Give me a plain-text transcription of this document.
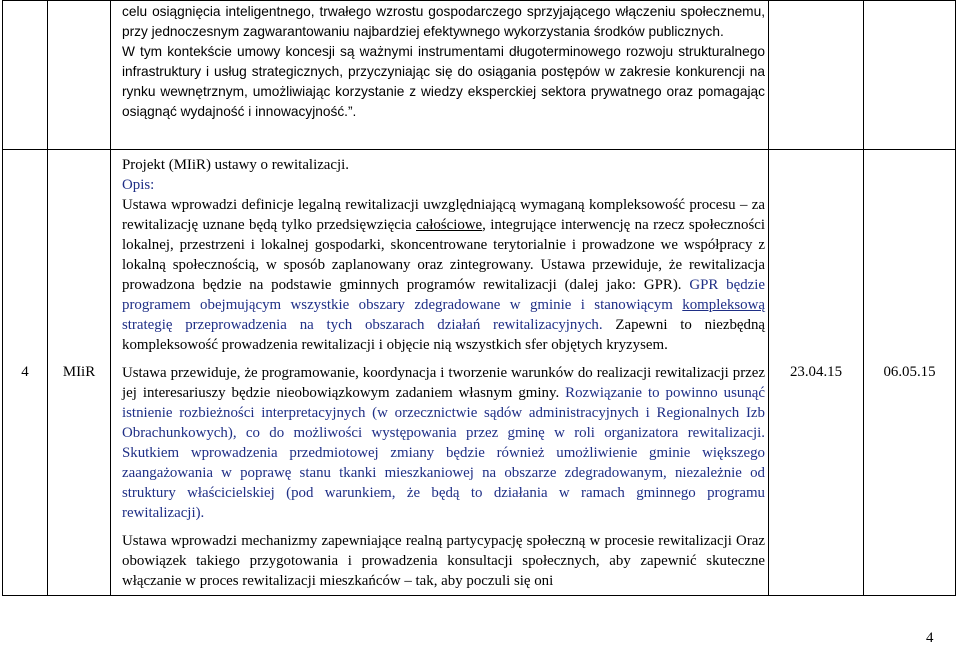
		celu osiągnięcia inteligentnego, trwałego wzrostu gospodarczego sprzyjającego włączeniu społecznemu, przy jednoczesnym zagwarantowaniu najbardziej efektywnego wykorzystania środków publicznych.

W tym kontekście umowy koncesji są ważnymi instrumentami długoterminowego rozwoju strukturalnego infrastruktury i usług strategicznych, przyczyniając się do osiągania postępów w zakresie konkurencji na rynku wewnętrznym, umożliwiając korzystanie z wiedzy eksperckiej sektora prywatnego oraz pomagając osiągnąć wydajność i innowacyjność.”.		

4	MIiR	Projekt (MIiR) ustawy o rewitalizacji.

Opis:

Ustawa wprowadzi definicje legalną rewitalizacji uwzględniającą wymaganą kompleksowość procesu – za rewitalizację uznane będą tylko przedsięwzięcia całościowe, integrujące interwencję na rzecz społeczności lokalnej, przestrzeni i lokalnej gospodarki, skoncentrowane terytorialnie i prowadzone we współpracy z lokalną społecznością, w sposób zaplanowany oraz zintegrowany. Ustawa przewiduje, że rewitalizacja prowadzona będzie na podstawie gminnych programów rewitalizacji (dalej jako: GPR). GPR będzie programem obejmującym wszystkie obszary zdegradowane w gminie i stanowiącym kompleksową strategię przeprowadzenia na tych obszarach działań rewitalizacyjnych. Zapewni to niezbędną kompleksowość prowadzenia rewitalizacji i objęcie nią wszystkich sfer objętych kryzysem.

Ustawa przewiduje, że programowanie, koordynacja i tworzenie warunków do realizacji rewitalizacji przez jej interesariuszy będzie nieobowiązkowym zadaniem własnym gminy. Rozwiązanie to powinno usunąć istnienie rozbieżności interpretacyjnych (w orzecznictwie sądów administracyjnych i Regionalnych Izb Obrachunkowych), co do możliwości występowania przez gminę w roli organizatora rewitalizacji. Skutkiem wprowadzenia przedmiotowej zmiany będzie również umożliwienie gminie większego zaangażowania w poprawę stanu tkanki mieszkaniowej na obszarze zdegradowanym, niezależnie od struktury właścicielskiej (pod warunkiem, że będą to działania w ramach gminnego programu rewitalizacji).

Ustawa wprowadzi mechanizmy zapewniające realną partycypację społeczną w procesie rewitalizacji Oraz obowiązek takiego przygotowania i prowadzenia konsultacji społecznych, aby zapewnić skuteczne włączanie w proces rewitalizacji mieszkańców – tak, aby poczuli się oni	23.04.15	06.05.15
4
